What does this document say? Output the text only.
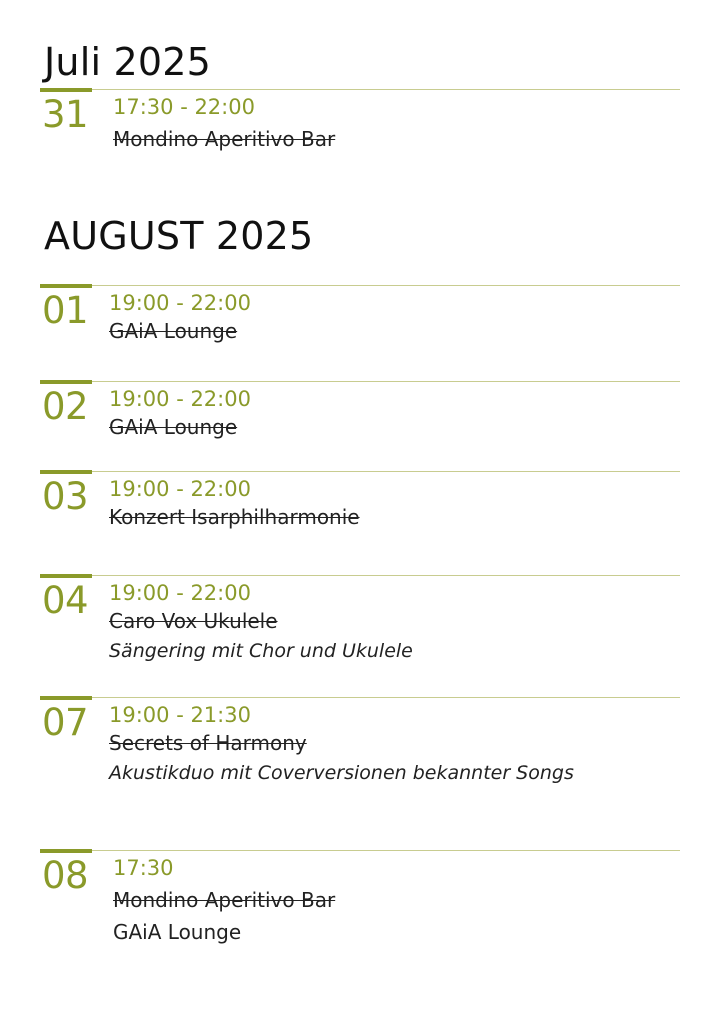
Juli 2025
31 17:30 - 22:00
Mondino Aperitivo Bar
AUGUST 2025
01 19:00 - 22:00
GAiA Lounge
02 19:00 - 22:00
GAiA Lounge
03 19:00 - 22:00
Konzert Isarphilharmonie
04 19:00 - 22:00
Caro Vox Ukulele
Sängering mit Chor und Ukulele
07 19:00 - 21:30
Secrets of Harmony
Akustikduo mit Coverversionen bekannter Songs
08 17:30
Mondino Aperitivo Bar
GAiA Lounge
